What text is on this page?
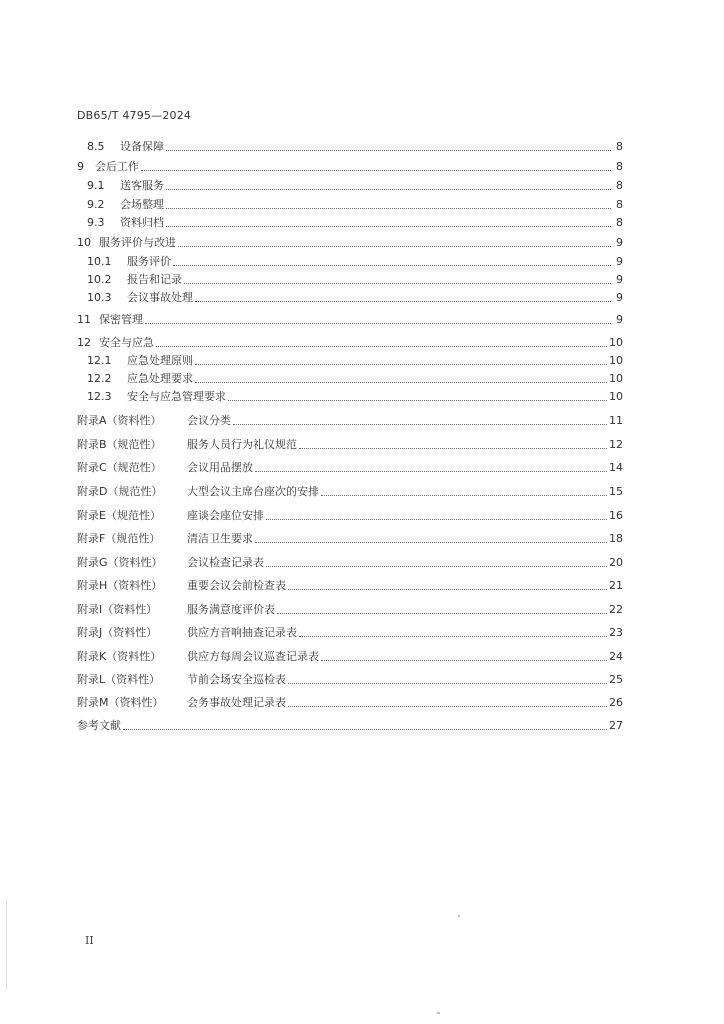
DB65/T 4795—2024
8.5	设备保障	8
9	会后工作	8
9.1	送客服务	8
9.2	会场整理	8
9.3	资料归档	8
10 服务评价与改进	9
10.1	服务评价	9
10.2	报告和记录	9
10.3	会议事故处理	9
11 保密管理	9
12 安全与应急	10
12.1	应急处理原则	10
12.2	应急处理要求	10
12.3	安全与应急管理要求	10
附录A（资料性）	会议分类	11
附录B（规范性）	服务人员行为礼仪规范	12
附录C（规范性）	会议用品摆放	14
附录D（规范性）	大型会议主席台座次的安排	15
附录E（规范性）	座谈会座位安排	16
附录F（规范性）	清洁卫生要求	18
附录G（资料性）	会议检查记录表	20
附录H（资料性）	重要会议会前检查表	21
附录I（资料性）	服务满意度评价表	22
附录J（资料性）	供应方音响抽查记录表	23
附录K（资料性）	供应方每周会议巡查记录表	24
附录L（资料性）	节前会场安全巡检表	25
附录M（资料性）	会务事故处理记录表	26
参考文献	27
II
